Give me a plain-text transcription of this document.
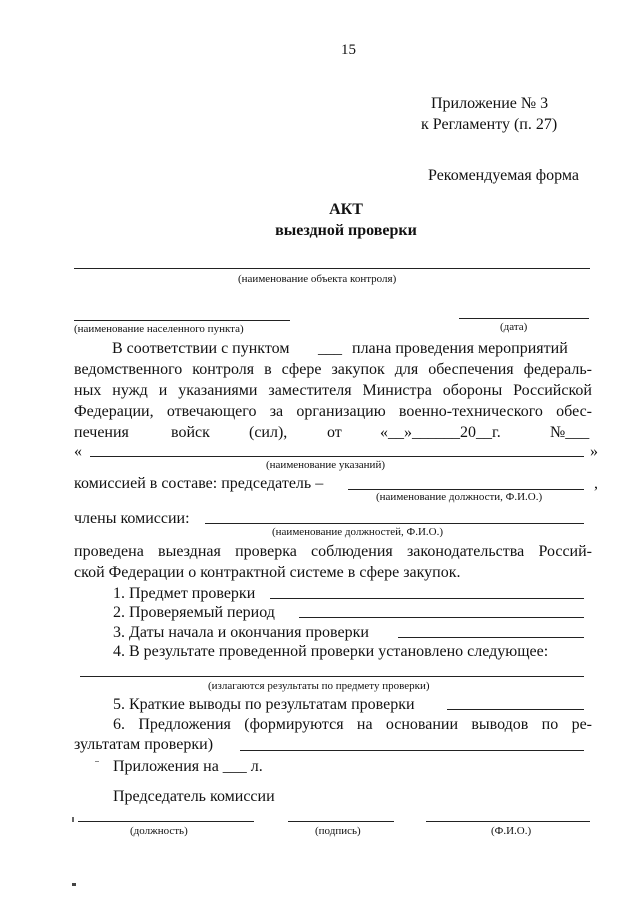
15
Приложение № 3
к Регламенту (п. 27)
Рекомендуемая форма
АКТ
выездной проверки
(наименование объекта контроля)
(наименование населенного пункта)	(дата)
В соответствии с пунктом ___ плана проведения мероприятий
ведомственного контроля в сфере закупок для обеспечения федераль-
ных нужд и указаниями заместителя Министра обороны Российской
Федерации, отвечающего за организацию военно-технического обес-
печения	войск (сил), от «__»______20__г.	№___
«	»
(наименование указаний)
комиссией в составе: председатель –	,
(наименование должности, Ф.И.О.)
члены комиссии:
(наименование должностей, Ф.И.О.)
проведена выездная проверка соблюдения законодательства Россий-
ской Федерации о контрактной системе в сфере закупок.
1. Предмет проверки
2. Проверяемый период
3. Даты начала и окончания проверки
4. В результате проведенной проверки установлено следующее:
(излагаются результаты по предмету проверки)
5. Краткие выводы по результатам проверки
6. Предложения (формируются на основании выводов по ре-
зультатам проверки)
Приложения на ___ л.
Председатель комиссии
(должность)	(подпись)	(Ф.И.О.)
